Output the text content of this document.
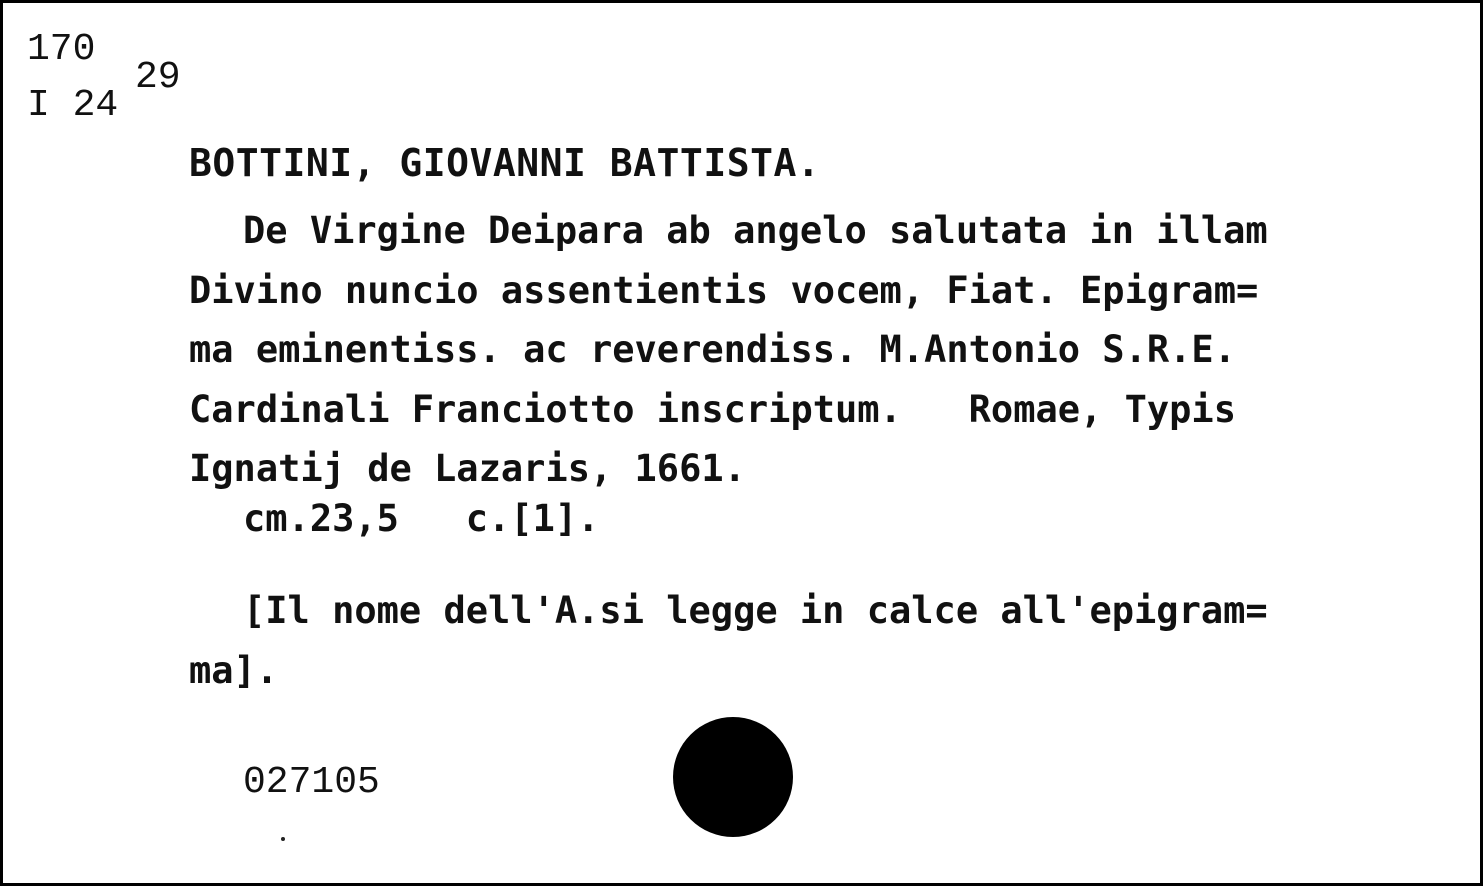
170
I 24
29
BOTTINI, GIOVANNI BATTISTA.
De Virgine Deipara ab angelo salutata in illam
Divino nuncio assentientis vocem, Fiat. Epigram=
ma eminentiss. ac reverendiss. M.Antonio S.R.E.
Cardinali Franciotto inscriptum.   Romae, Typis
Ignatij de Lazaris, 1661.
cm.23,5   c.[1].
[Il nome dell'A.si legge in calce all'epigram=
ma].
027105
